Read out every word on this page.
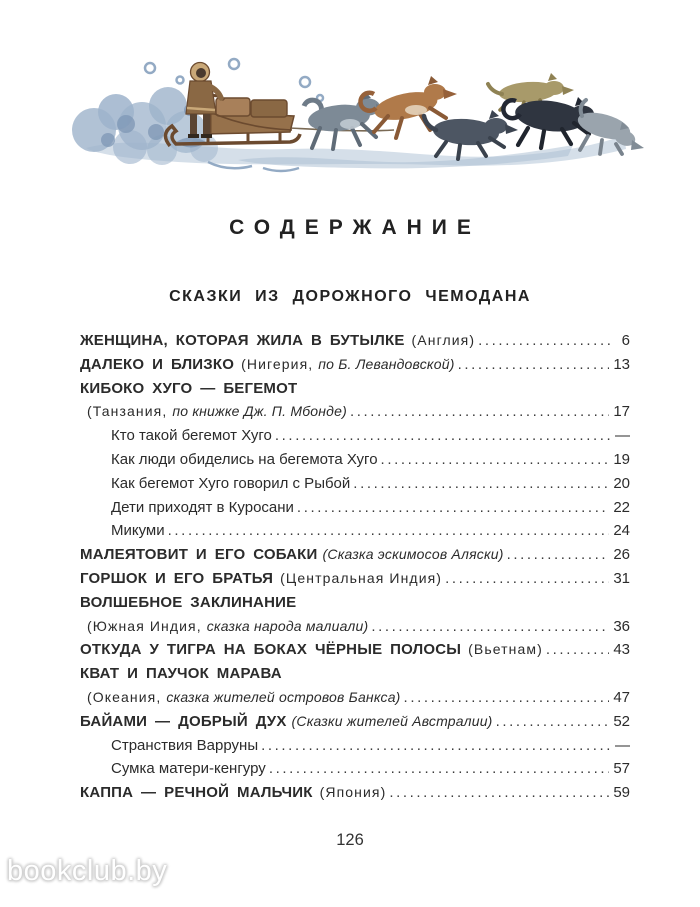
СОДЕРЖАНИЕ
СКАЗКИ ИЗ ДОРОЖНОГО ЧЕМОДАНА
ЖЕНЩИНА, КОТОРАЯ ЖИЛА В БУТЫЛКЕ (Англия) .....	6
ДАЛЕКО И БЛИЗКО (Нигерия, по Б. Левандовской) .....	13
КИБОКО ХУГО — БЕГЕМОТ
(Танзания, по книжке Дж. П. Мбонде) .....	17
Кто такой бегемот Хуго .....	—
Как люди обиделись на бегемота Хуго .....	19
Как бегемот Хуго говорил с Рыбой .....	20
Дети приходят в Куросани .....	22
Микуми .....	24
МАЛЕЯТОВИТ И ЕГО СОБАКИ (Сказка эскимосов Аляски) .....	26
ГОРШОК И ЕГО БРАТЬЯ (Центральная Индия) .....	31
ВОЛШЕБНОЕ ЗАКЛИНАНИЕ
(Южная Индия, сказка народа малиали) .....	36
ОТКУДА У ТИГРА НА БОКАХ ЧЁРНЫЕ ПОЛОСЫ (Вьетнам) .....	43
КВАТ И ПАУЧОК МАРАВА
(Океания, сказка жителей островов Банкса) .....	47
БАЙАМИ — ДОБРЫЙ ДУХ (Сказки жителей Австралии) .....	52
Странствия Варруны .....	—
Сумка матери-кенгуру .....	57
КАППА — РЕЧНОЙ МАЛЬЧИК (Япония) .....	59
126
bookclub.by
